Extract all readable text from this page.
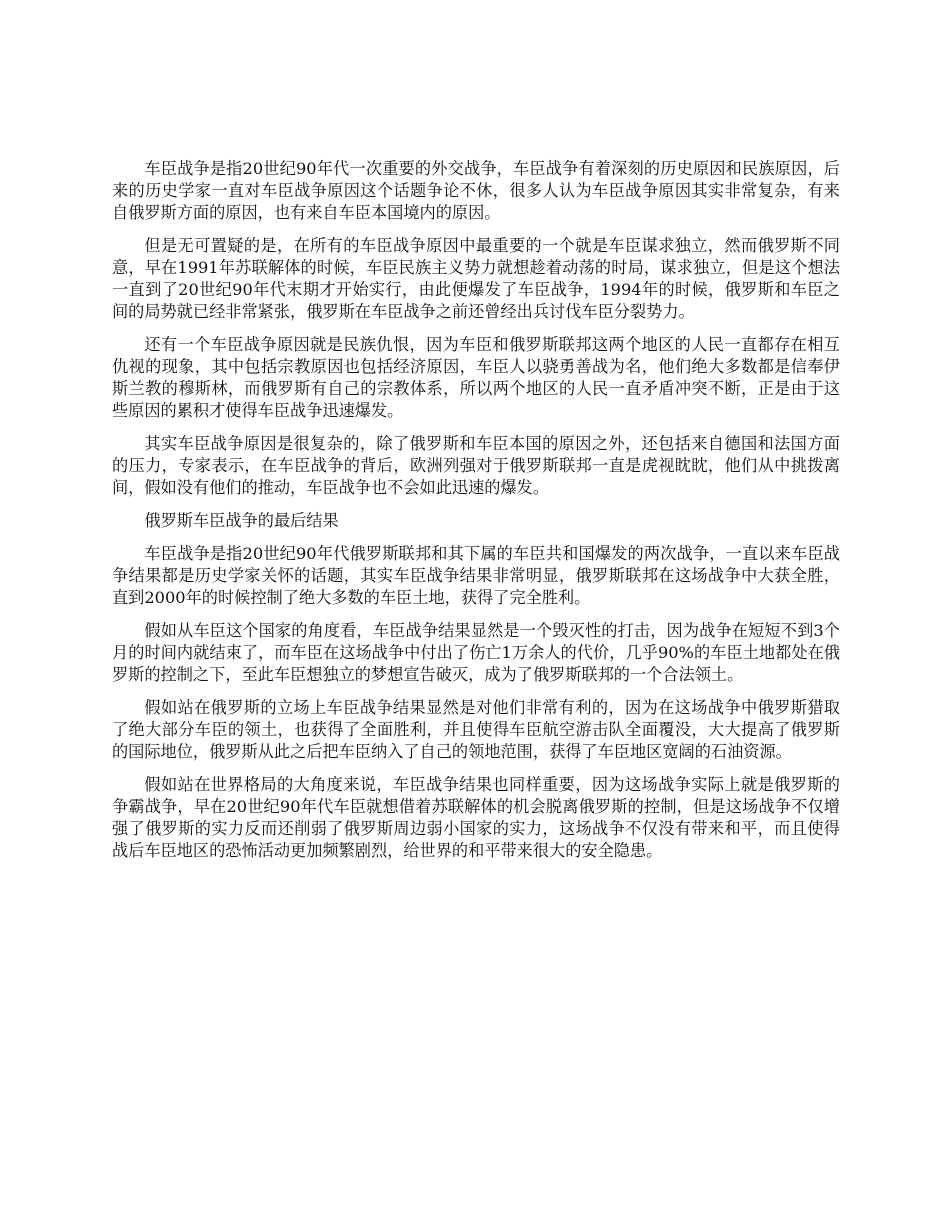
车臣战争是指20世纪90年代一次重要的外交战争，车臣战争有着深刻的历史原因和民族原因，后来的历史学家一直对车臣战争原因这个话题争论不休，很多人认为车臣战争原因其实非常复杂，有来自俄罗斯方面的原因，也有来自车臣本国境内的原因。

但是无可置疑的是，在所有的车臣战争原因中最重要的一个就是车臣谋求独立，然而俄罗斯不同意，早在1991年苏联解体的时候，车臣民族主义势力就想趁着动荡的时局，谋求独立，但是这个想法一直到了20世纪90年代末期才开始实行，由此便爆发了车臣战争，1994年的时候，俄罗斯和车臣之间的局势就已经非常紧张，俄罗斯在车臣战争之前还曾经出兵讨伐车臣分裂势力。

还有一个车臣战争原因就是民族仇恨，因为车臣和俄罗斯联邦这两个地区的人民一直都存在相互仇视的现象，其中包括宗教原因也包括经济原因，车臣人以骁勇善战为名，他们绝大多数都是信奉伊斯兰教的穆斯林，而俄罗斯有自己的宗教体系，所以两个地区的人民一直矛盾冲突不断，正是由于这些原因的累积才使得车臣战争迅速爆发。

其实车臣战争原因是很复杂的，除了俄罗斯和车臣本国的原因之外，还包括来自德国和法国方面的压力，专家表示，在车臣战争的背后，欧洲列强对于俄罗斯联邦一直是虎视眈眈，他们从中挑拨离间，假如没有他们的推动，车臣战争也不会如此迅速的爆发。

俄罗斯车臣战争的最后结果

车臣战争是指20世纪90年代俄罗斯联邦和其下属的车臣共和国爆发的两次战争，一直以来车臣战争结果都是历史学家关怀的话题，其实车臣战争结果非常明显，俄罗斯联邦在这场战争中大获全胜，直到2000年的时候控制了绝大多数的车臣土地，获得了完全胜利。

假如从车臣这个国家的角度看，车臣战争结果显然是一个毁灭性的打击，因为战争在短短不到3个月的时间内就结束了，而车臣在这场战争中付出了伤亡1万余人的代价，几乎90%的车臣土地都处在俄罗斯的控制之下，至此车臣想独立的梦想宣告破灭，成为了俄罗斯联邦的一个合法领土。

假如站在俄罗斯的立场上车臣战争结果显然是对他们非常有利的，因为在这场战争中俄罗斯猎取了绝大部分车臣的领土，也获得了全面胜利，并且使得车臣航空游击队全面覆没，大大提高了俄罗斯的国际地位，俄罗斯从此之后把车臣纳入了自己的领地范围，获得了车臣地区宽阔的石油资源。

假如站在世界格局的大角度来说，车臣战争结果也同样重要，因为这场战争实际上就是俄罗斯的争霸战争，早在20世纪90年代车臣就想借着苏联解体的机会脱离俄罗斯的控制，但是这场战争不仅增强了俄罗斯的实力反而还削弱了俄罗斯周边弱小国家的实力，这场战争不仅没有带来和平，而且使得战后车臣地区的恐怖活动更加频繁剧烈，给世界的和平带来很大的安全隐患。
